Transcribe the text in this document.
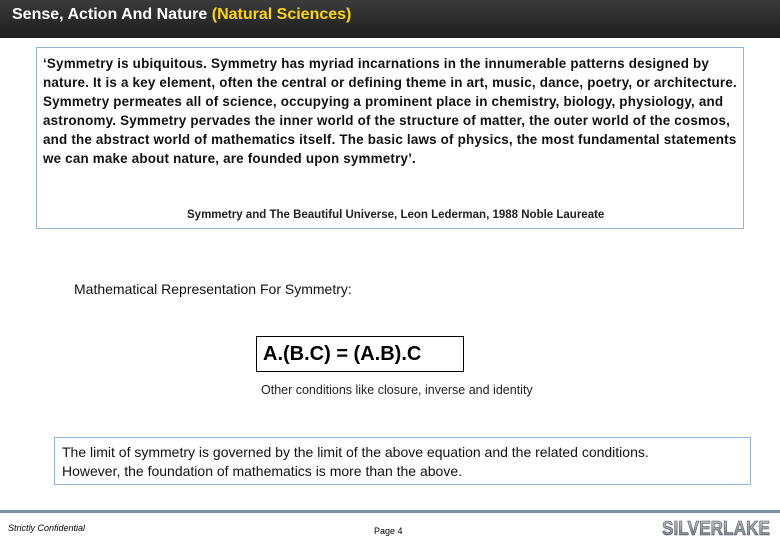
Sense, Action And Nature (Natural Sciences)
‘Symmetry is ubiquitous. Symmetry has myriad incarnations in the innumerable patterns designed by nature. It is a key element, often the central or defining theme in art, music, dance, poetry, or architecture. Symmetry permeates all of science, occupying a prominent place in chemistry, biology, physiology, and astronomy. Symmetry pervades the inner world of the structure of matter, the outer world of the cosmos, and the abstract world of mathematics itself. The basic laws of physics, the most fundamental statements we can make about nature, are founded upon symmetry’.
Symmetry and The Beautiful Universe, Leon Lederman, 1988 Noble Laureate
Mathematical Representation For Symmetry:
A.(B.C) = (A.B).C
Other conditions like closure, inverse and identity
The limit of symmetry is governed by the limit of the above equation and the related conditions.
However, the foundation of mathematics is more than the above.
Strictly Confidential	Page 4	SILVERLAKE
